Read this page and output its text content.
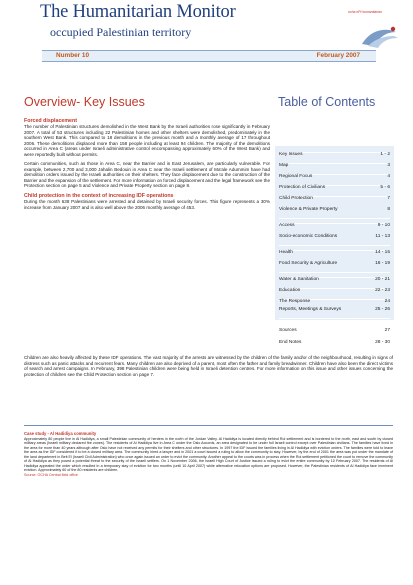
The Humanitarian Monitor
occupied Palestinian territory
ocha oPt humanitarian
Number 10	February 2007
Overview- Key Issues	Table of Contents
Forced displacement

The number of Palestinian structures demolished in the West Bank by the Israeli authorities rose significantly in February 2007. A total of 53 structures including 22 Palestinian homes and other shelters were demolished, predominately in the southern West Bank. This compared to 18 demolitions in the previous month and a monthly average of 17 throughout 2006. These demolitions displaced more than 158 people including at least 94 children. The majority of the demolitions occurred in Area C (areas under Israeli administrative control encompassing approximately 60% of the West Bank) and were reportedly built without permits.

Certain communities, such as those in Area C, near the Barrier and in East Jerusalem, are particularly vulnerable. For example, between 2,700 and 3,000 Jahalin Bedouin in Area C near the Israeli settlement of Ma'ale Adummim have had demolition orders issued by the Israeli authorities on their shelters. They face displacement due to the construction of the Barrier and the expansion of the settlement. For more information on forced displacement and the legal framework see the Protection section on page 5 and Violence and Private Property section on page 8.

Child protection in the context of increasing IDF operations

During the month 638 Palestinians were arrested and detained by Israeli security forces. This figure represents a 30% increase from January 2007 and is also well above the 2006 monthly average of 453.

Key Issues	1 - 2
Map	3
Regional Focus	4
Protection of Civilians	5 - 6
Child Protection	7
Violence & Private Property	8
Access	9 - 10
Socio-economic Conditions	11 - 13
Health	14 - 15
Food Security & Agriculture	16 - 19
Water & Sanitation	20 - 21
Education	22 - 23
The Response	24
Reports, Meetings & Surveys	25 - 26
Sources	27
End Notes	28 - 30
Children are also heavily affected by these IDF operations. The vast majority of the arrests are witnessed by the children of the family and/or of the neighbourhood, resulting in signs of distress such as panic attacks and recurrent fears. Many children are also deprived of a parent, most often the father and family breadwinner. Children have also been the direct victims of search and arrest campaigns. In February, 398 Palestinian children were being held in Israeli detention centres. For more information on this issue and other issues concerning the protection of children see the Child Protection section on page 7.
Case study - Al Hadidiya community
Approximately 80 people live in Al Hadidiya, a small Palestinian community of herders in the north of the Jordan Valley. Al Hadidiya is located directly behind Roi settlement and is bordered to the north, east and south by closed military areas (Israeli military declared fire zones). The residents of Al Hadidiya live in Area C under the Oslo Accords, an area designated to be under full Israeli control except over Palestinian civilians. The families have lived in the area for more than 40 years although after Oslo have not received any permits for their shelters and other structures. In 1997 the IDF issued the families living in Al Hadidiya with eviction orders. The families were told to leave the area as the IDF considered it to be a closed military area. The community hired a lawyer and in 2001 a court issued a ruling to allow the community to stay. However, by the end of 2001 the area was put under the mandate of the land department in Beit El (Israeli Civil Administration) who once again issued an order to evict the community. Another appeal to the courts was in process when the Roi settlement petitioned the court to remove the community of Al Hadidiya as they posed a potential threat to the security of the Israeli settlers. On 1 November 2006, the Israeli High Court of Justice issued a ruling to evict the entire community by 10 February 2007. The residents of Al Hadidiya appealed the order which resulted in a temporary stay of eviction for two months (until 10 April 2007) while alternative relocation options are proposed. However, the Palestinian residents of Al Hadidiya face imminent eviction. Approximately 60 of the 80 residents are children.
Source: OCHA Central field office
